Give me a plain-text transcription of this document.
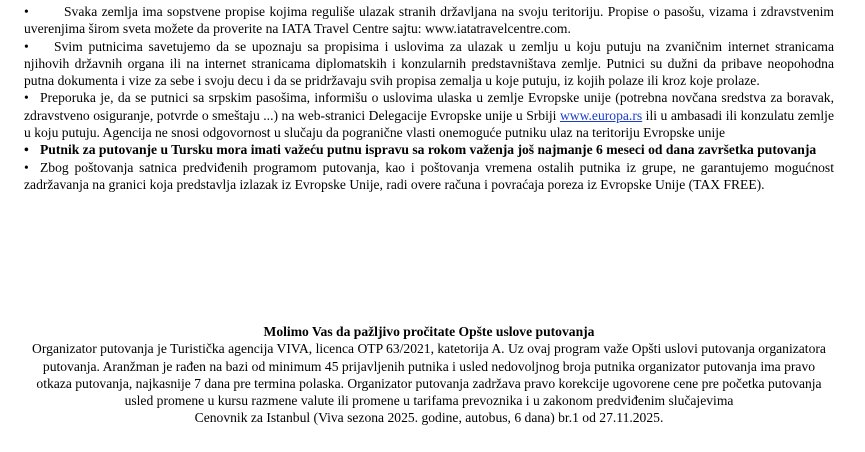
•	Svaka zemlja ima sopstvene propise kojima reguliše ulazak stranih državljana na svoju teritoriju. Propise o pasošu, vizama i zdravstvenim uverenjima širom sveta možete da proverite na IATA Travel Centre sajtu: www.iatatravelcentre.com.
• Svim putnicima savetujemo da se upoznaju sa propisima i uslovima za ulazak u zemlju u koju putuju na zvaničnim internet stranicama njihovih državnih organa ili na internet stranicama diplomatskih i konzularnih predstavništava zemlje. Putnici su dužni da pribave neopohodna putna dokumenta i vize za sebe i svoju decu i da se pridržavaju svih propisa zemalja u koje putuju, iz kojih polaze ili kroz koje prolaze.
• Preporuka je, da se putnici sa srpskim pasošima, informišu o uslovima ulaska u zemlje Evropske unije (potrebna novčana sredstva za boravak, zdravstveno osiguranje, potvrde o smeštaju ...) na web-stranici Delegacije Evropske unije u Srbiji www.europa.rs ili u ambasadi ili konzulatu zemlje u koju putuju. Agencija ne snosi odgovornost u slučaju da pogranične vlasti onemoguće putniku ulaz na teritoriju Evropske unije
• Putnik za putovanje u Tursku mora imati važeću putnu ispravu sa rokom važenja još najmanje 6 meseci od dana završetka putovanja
• Zbog poštovanja satnica predviđenih programom putovanja, kao i poštovanja vremena ostalih putnika iz grupe, ne garantujemo mogućnost zadržavanja na granici koja predstavlja izlazak iz Evropske Unije, radi overe računa i povraćaja poreza iz Evropske Unije (TAX FREE).
Molimo Vas da pažljivo pročitate Opšte uslove putovanja
Organizator putovanja je Turistička agencija VIVA, licenca OTP 63/2021, katetorija A. Uz ovaj program važe Opšti uslovi putovanja organizatora putovanja. Aranžman je rađen na bazi od minimum 45 prijavljenih putnika i usled nedovoljnog broja putnika organizator putovanja ima pravo otkaza putovanja, najkasnije 7 dana pre termina polaska. Organizator putovanja zadržava pravo korekcije ugovorene cene pre početka putovanja usled promene u kursu razmene valute ili promene u tarifama prevoznika i u zakonom predviđenim slučajevima
Cenovnik za Istanbul (Viva sezona 2025. godine, autobus, 6 dana) br.1 od 27.11.2025.
